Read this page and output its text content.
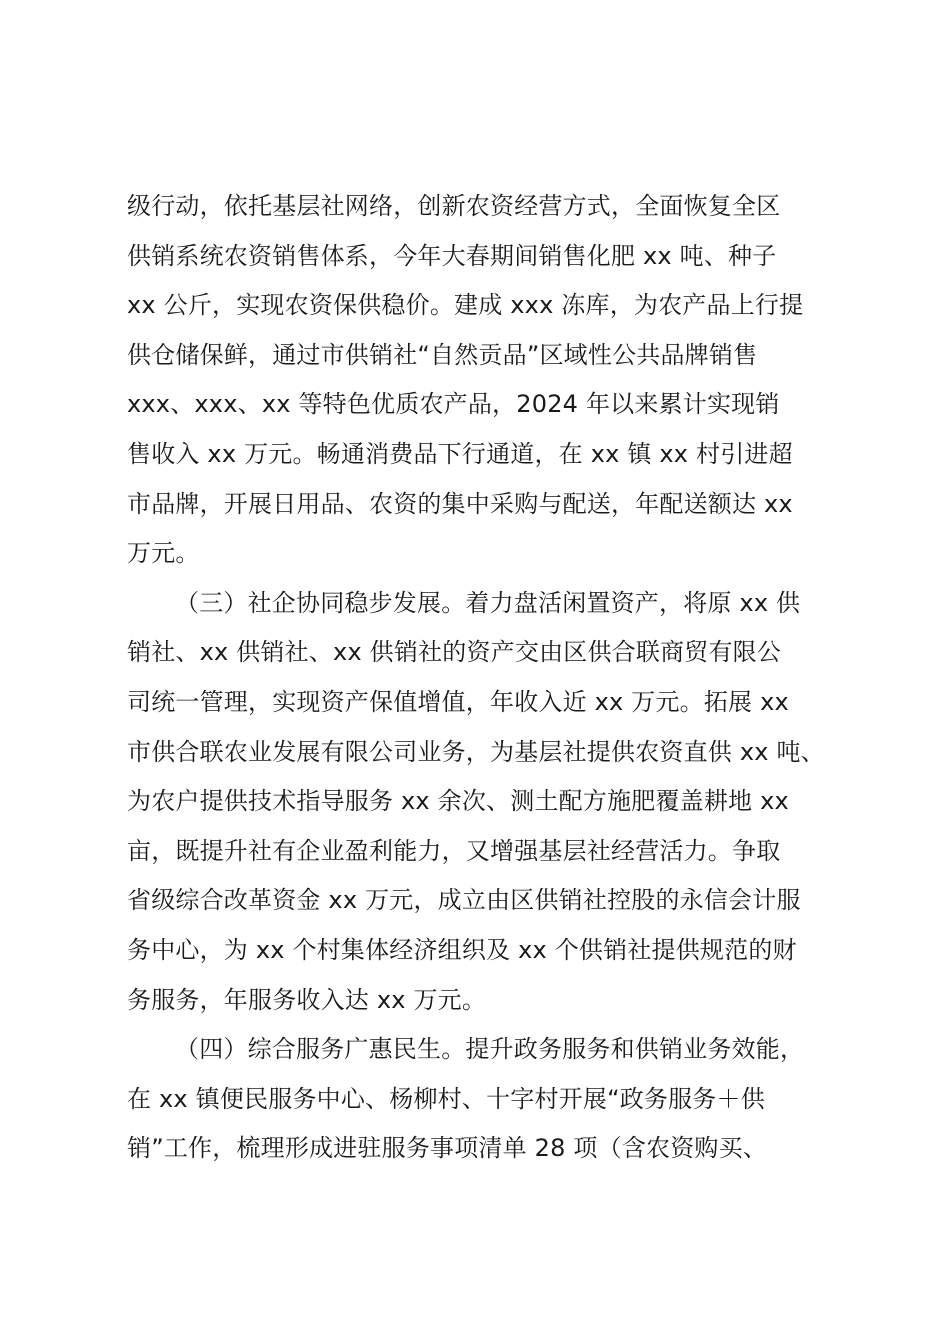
级行动，依托基层社网络，创新农资经营方式，全面恢复全区
供销系统农资销售体系，今年大春期间销售化肥 xx 吨、种子
xx 公斤，实现农资保供稳价。建成 xxx 冻库，为农产品上行提
供仓储保鲜，通过市供销社“自然贡品”区域性公共品牌销售
xxx、xxx、xx 等特色优质农产品，2024 年以来累计实现销
售收入 xx 万元。畅通消费品下行通道，在 xx 镇 xx 村引进超
市品牌，开展日用品、农资的集中采购与配送，年配送额达 xx
万元。
（三）社企协同稳步发展。着力盘活闲置资产，将原 xx 供
销社、xx 供销社、xx 供销社的资产交由区供合联商贸有限公
司统一管理，实现资产保值增值，年收入近 xx 万元。拓展 xx
市供合联农业发展有限公司业务，为基层社提供农资直供 xx 吨、
为农户提供技术指导服务 xx 余次、测土配方施肥覆盖耕地 xx
亩，既提升社有企业盈利能力，又增强基层社经营活力。争取
省级综合改革资金 xx 万元，成立由区供销社控股的永信会计服
务中心，为 xx 个村集体经济组织及 xx 个供销社提供规范的财
务服务，年服务收入达 xx 万元。
（四）综合服务广惠民生。提升政务服务和供销业务效能，
在 xx 镇便民服务中心、杨柳村、十字村开展“政务服务＋供
销”工作，梳理形成进驻服务事项清单 28 项（含农资购买、
